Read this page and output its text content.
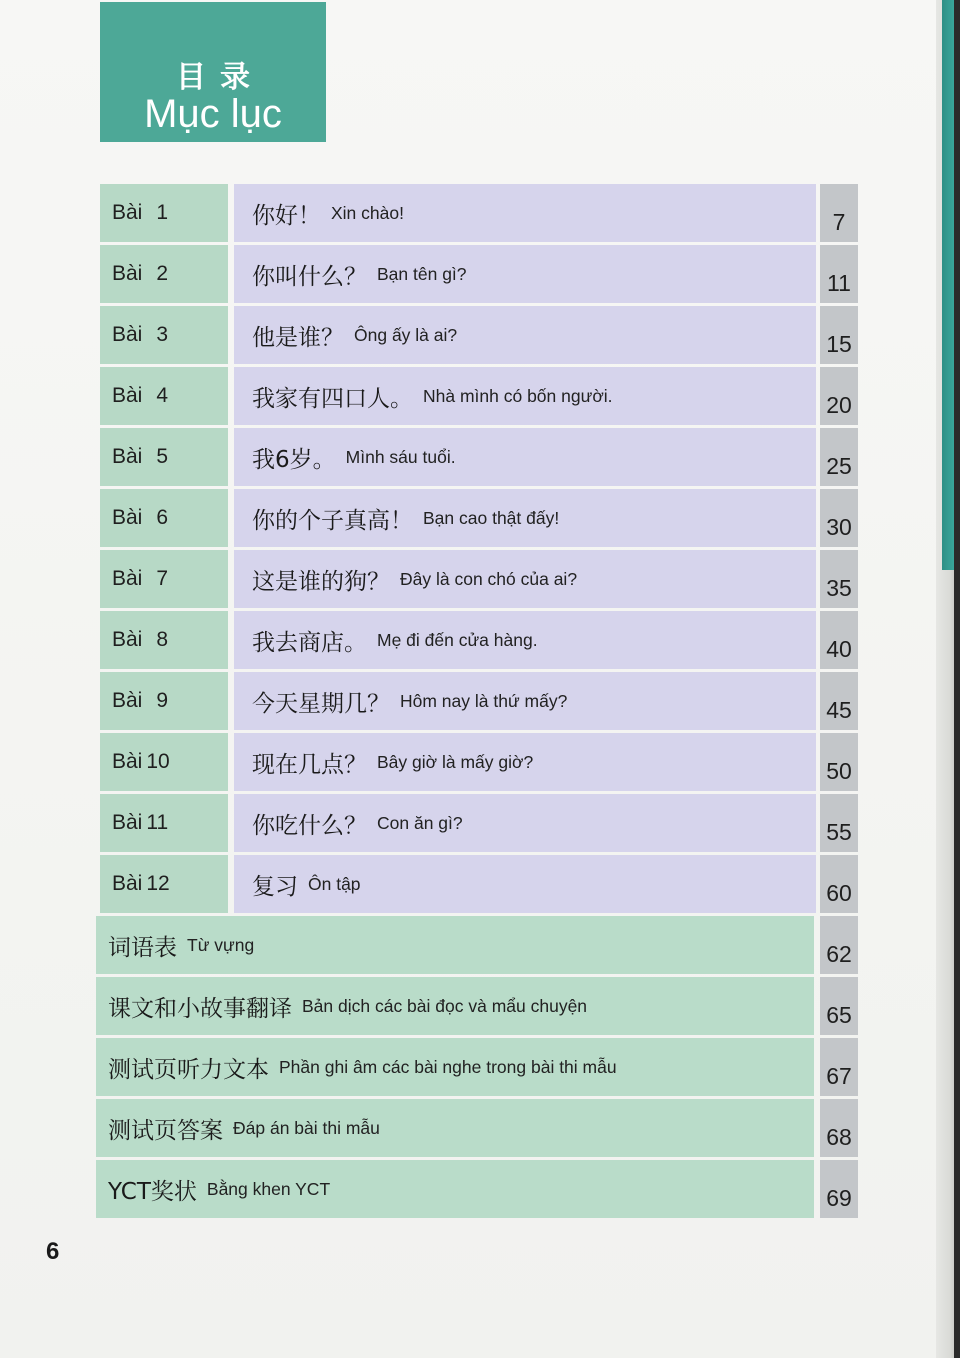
目录
Mục lục
Bài 1	你好！ Xin chào!	7
Bài 2	你叫什么？ Bạn tên gì?	11
Bài 3	他是谁？ Ông ấy là ai?	15
Bài 4	我家有四口人。 Nhà mình có bốn người.	20
Bài 5	我6岁。 Mình sáu tuổi.	25
Bài 6	你的个子真高！ Bạn cao thật đấy!	30
Bài 7	这是谁的狗？ Đây là con chó của ai?	35
Bài 8	我去商店。 Mẹ đi đến cửa hàng.	40
Bài 9	今天星期几？ Hôm nay là thứ mấy?	45
Bài 10	现在几点？ Bây giờ là mấy giờ?	50
Bài 11	你吃什么？ Con ăn gì?	55
Bài 12	复习 Ôn tập	60
词语表 Từ vựng	62
课文和小故事翻译 Bản dịch các bài đọc và mẩu chuyện	65
测试页听力文本 Phần ghi âm các bài nghe trong bài thi mẫu	67
测试页答案 Đáp án bài thi mẫu	68
YCT奖状 Bằng khen YCT	69
6
